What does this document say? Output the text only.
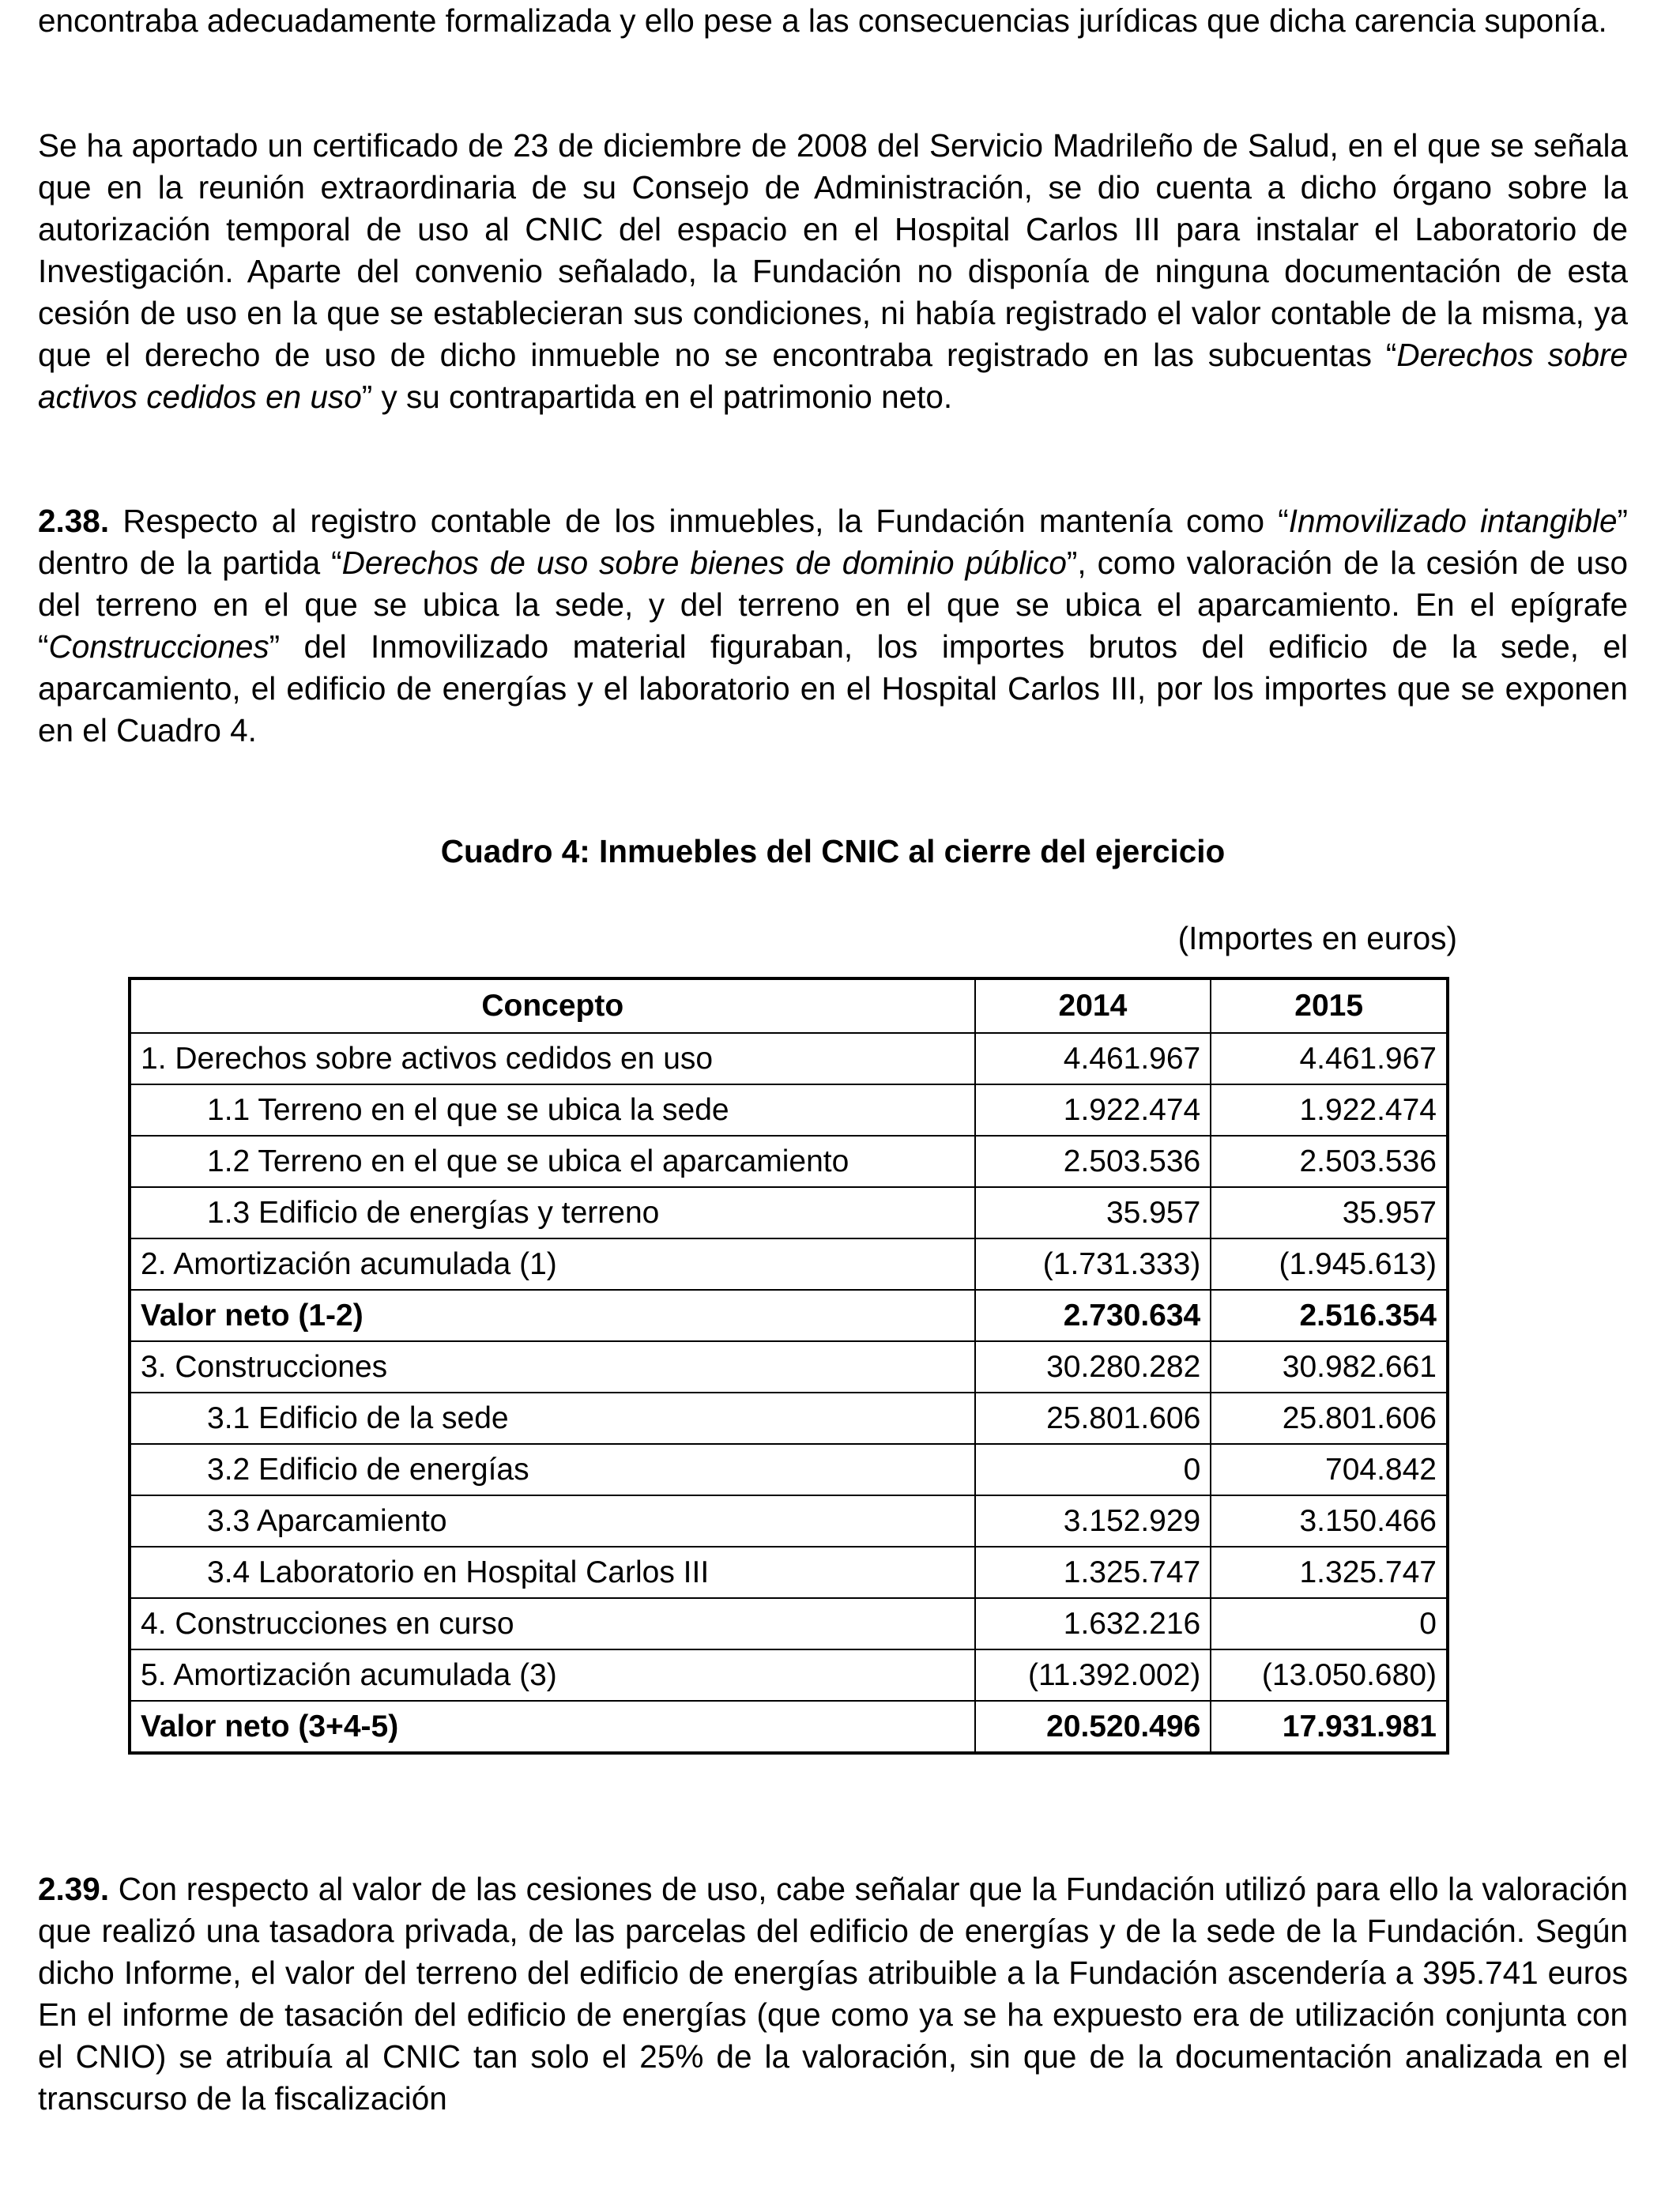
encontraba adecuadamente formalizada y ello pese a las consecuencias jurídicas que dicha carencia suponía.

Se ha aportado un certificado de 23 de diciembre de 2008 del Servicio Madrileño de Salud, en el que se señala que en la reunión extraordinaria de su Consejo de Administración, se dio cuenta a dicho órgano sobre la autorización temporal de uso al CNIC del espacio en el Hospital Carlos III para instalar el Laboratorio de Investigación. Aparte del convenio señalado, la Fundación no disponía de ninguna documentación de esta cesión de uso en la que se establecieran sus condiciones, ni había registrado el valor contable de la misma, ya que el derecho de uso de dicho inmueble no se encontraba registrado en las subcuentas “Derechos sobre activos cedidos en uso” y su contrapartida en el patrimonio neto.

2.38. Respecto al registro contable de los inmuebles, la Fundación mantenía como “Inmovilizado intangible” dentro de la partida “Derechos de uso sobre bienes de dominio público”, como valoración de la cesión de uso del terreno en el que se ubica la sede, y del terreno en el que se ubica el aparcamiento. En el epígrafe “Construcciones” del Inmovilizado material figuraban, los importes brutos del edificio de la sede, el aparcamiento, el edificio de energías y el laboratorio en el Hospital Carlos III, por los importes que se exponen en el Cuadro 4.

Cuadro 4: Inmuebles del CNIC al cierre del ejercicio
(Importes en euros)
Concepto	2014	2015
1. Derechos sobre activos cedidos en uso	4.461.967	4.461.967
1.1 Terreno en el que se ubica la sede	1.922.474	1.922.474
1.2 Terreno en el que se ubica el aparcamiento	2.503.536	2.503.536
1.3 Edificio de energías y terreno	35.957	35.957
2. Amortización acumulada (1)	(1.731.333)	(1.945.613)
Valor neto (1-2)	2.730.634	2.516.354
3. Construcciones	30.280.282	30.982.661
3.1 Edificio de la sede	25.801.606	25.801.606
3.2 Edificio de energías	0	704.842
3.3 Aparcamiento	3.152.929	3.150.466
3.4 Laboratorio en Hospital Carlos III	1.325.747	1.325.747
4. Construcciones en curso	1.632.216	0
5. Amortización acumulada (3)	(11.392.002)	(13.050.680)
Valor neto (3+4-5)	20.520.496	17.931.981

2.39. Con respecto al valor de las cesiones de uso, cabe señalar que la Fundación utilizó para ello la valoración que realizó una tasadora privada, de las parcelas del edificio de energías y de la sede de la Fundación. Según dicho Informe, el valor del terreno del edificio de energías atribuible a la Fundación ascendería a 395.741 euros En el informe de tasación del edificio de energías (que como ya se ha expuesto era de utilización conjunta con el CNIO) se atribuía al CNIC tan solo el 25% de la valoración, sin que de la documentación analizada en el transcurso de la fiscalización
